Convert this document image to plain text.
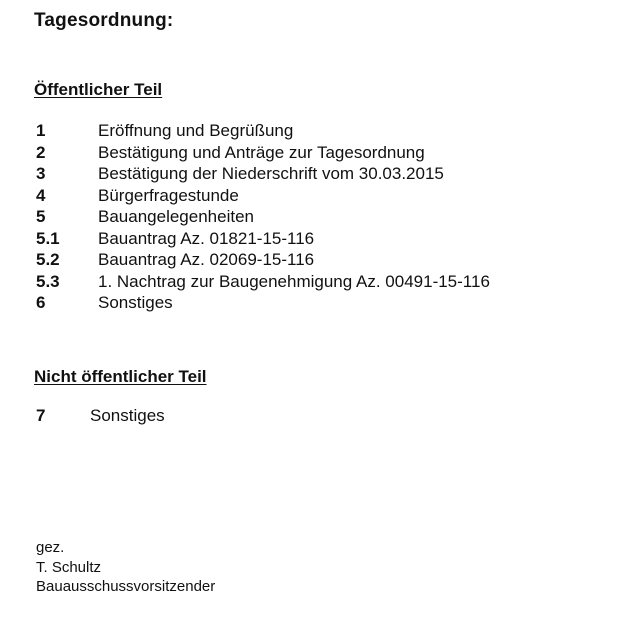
Tagesordnung:
Öffentlicher Teil
1	Eröffnung und Begrüßung
2	Bestätigung und Anträge zur Tagesordnung
3	Bestätigung der Niederschrift vom 30.03.2015
4	Bürgerfragestunde
5	Bauangelegenheiten
5.1	Bauantrag Az. 01821-15-116
5.2	Bauantrag Az. 02069-15-116
5.3	1. Nachtrag zur Baugenehmigung Az. 00491-15-116
6	Sonstiges
Nicht öffentlicher Teil
7	Sonstiges
gez.
T. Schultz
Bauausschussvorsitzender
